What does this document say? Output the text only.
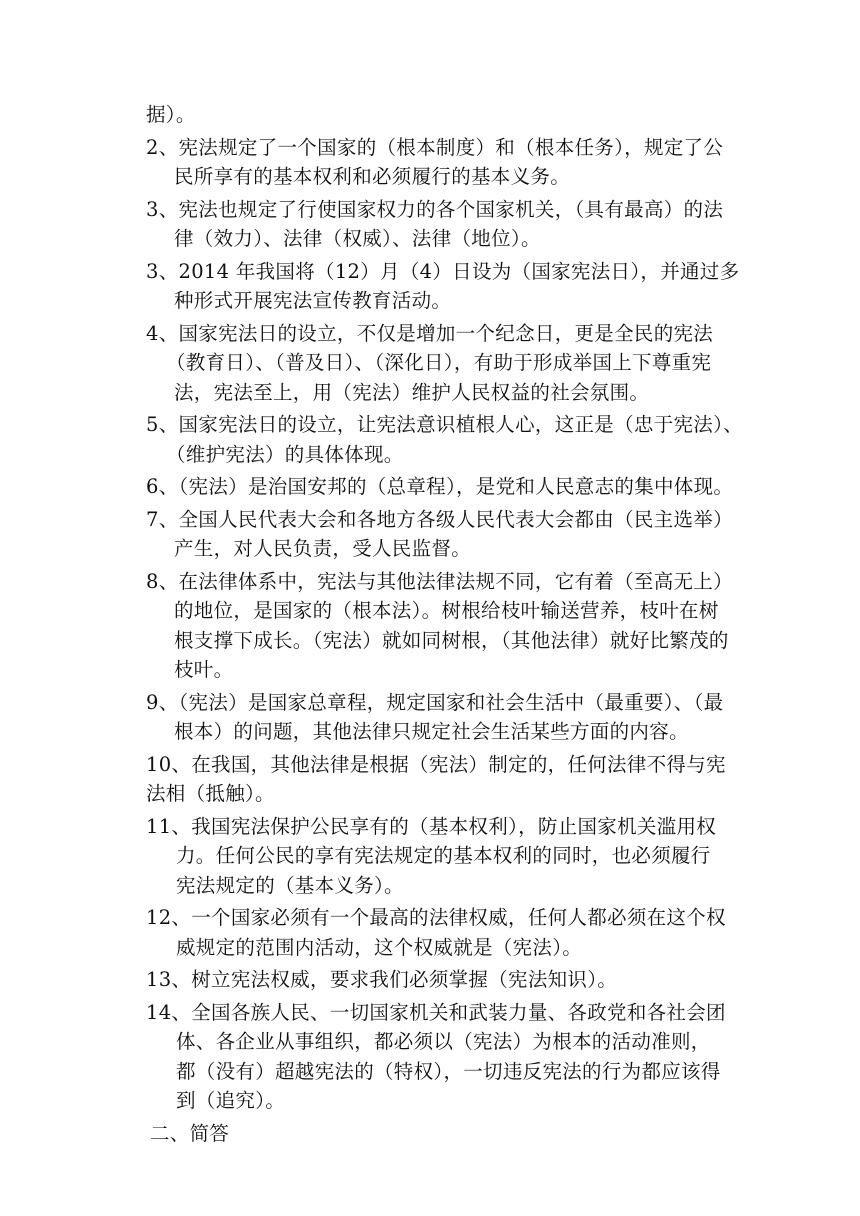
据）。
2、宪法规定了一个国家的（根本制度）和（根本任务），规定了公
民所享有的基本权利和必须履行的基本义务。
3、宪法也规定了行使国家权力的各个国家机关，（具有最高）的法
律（效力）、法律（权威）、法律（地位）。
3、2014 年我国将（12）月（4）日设为（国家宪法日），并通过多
种形式开展宪法宣传教育活动。
4、国家宪法日的设立，不仅是增加一个纪念日，更是全民的宪法
（教育日）、（普及日）、（深化日），有助于形成举国上下尊重宪
法，宪法至上，用（宪法）维护人民权益的社会氛围。
5、国家宪法日的设立，让宪法意识植根人心，这正是（忠于宪法）、
（维护宪法）的具体体现。
6、（宪法）是治国安邦的（总章程），是党和人民意志的集中体现。
7、全国人民代表大会和各地方各级人民代表大会都由（民主选举）
产生，对人民负责，受人民监督。
8、在法律体系中，宪法与其他法律法规不同，它有着（至高无上）
的地位，是国家的（根本法）。树根给枝叶输送营养，枝叶在树
根支撑下成长。（宪法）就如同树根，（其他法律）就好比繁茂的
枝叶。
9、（宪法）是国家总章程，规定国家和社会生活中（最重要）、（最
根本）的问题，其他法律只规定社会生活某些方面的内容。
10、在我国，其他法律是根据（宪法）制定的，任何法律不得与宪
法相（抵触）。
11、我国宪法保护公民享有的（基本权利），防止国家机关滥用权
力。任何公民的享有宪法规定的基本权利的同时，也必须履行
宪法规定的（基本义务）。
12、一个国家必须有一个最高的法律权威，任何人都必须在这个权
威规定的范围内活动，这个权威就是（宪法）。
13、树立宪法权威，要求我们必须掌握（宪法知识）。
14、全国各族人民、一切国家机关和武装力量、各政党和各社会团
体、各企业从事组织，都必须以（宪法）为根本的活动准则，
都（没有）超越宪法的（特权），一切违反宪法的行为都应该得
到（追究）。
二、简答
